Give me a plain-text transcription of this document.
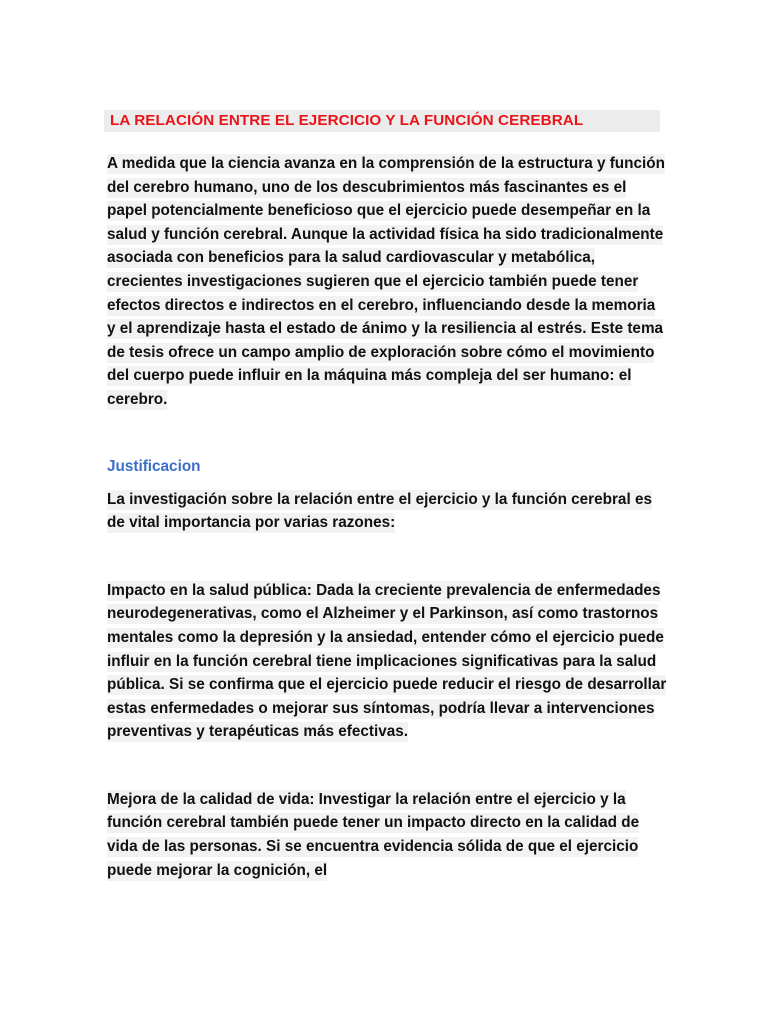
LA RELACIÓN ENTRE EL EJERCICIO Y LA FUNCIÓN CEREBRAL

A medida que la ciencia avanza en la comprensión de la estructura y función del cerebro humano, uno de los descubrimientos más fascinantes es el papel potencialmente beneficioso que el ejercicio puede desempeñar en la salud y función cerebral. Aunque la actividad física ha sido tradicionalmente asociada con beneficios para la salud cardiovascular y metabólica, crecientes investigaciones sugieren que el ejercicio también puede tener efectos directos e indirectos en el cerebro, influenciando desde la memoria y el aprendizaje hasta el estado de ánimo y la resiliencia al estrés. Este tema de tesis ofrece un campo amplio de exploración sobre cómo el movimiento del cuerpo puede influir en la máquina más compleja del ser humano: el cerebro.

Justificacion

La investigación sobre la relación entre el ejercicio y la función cerebral es de vital importancia por varias razones:

Impacto en la salud pública: Dada la creciente prevalencia de enfermedades neurodegenerativas, como el Alzheimer y el Parkinson, así como trastornos mentales como la depresión y la ansiedad, entender cómo el ejercicio puede influir en la función cerebral tiene implicaciones significativas para la salud pública. Si se confirma que el ejercicio puede reducir el riesgo de desarrollar estas enfermedades o mejorar sus síntomas, podría llevar a intervenciones preventivas y terapéuticas más efectivas.

Mejora de la calidad de vida: Investigar la relación entre el ejercicio y la función cerebral también puede tener un impacto directo en la calidad de vida de las personas. Si se encuentra evidencia sólida de que el ejercicio puede mejorar la cognición, el
